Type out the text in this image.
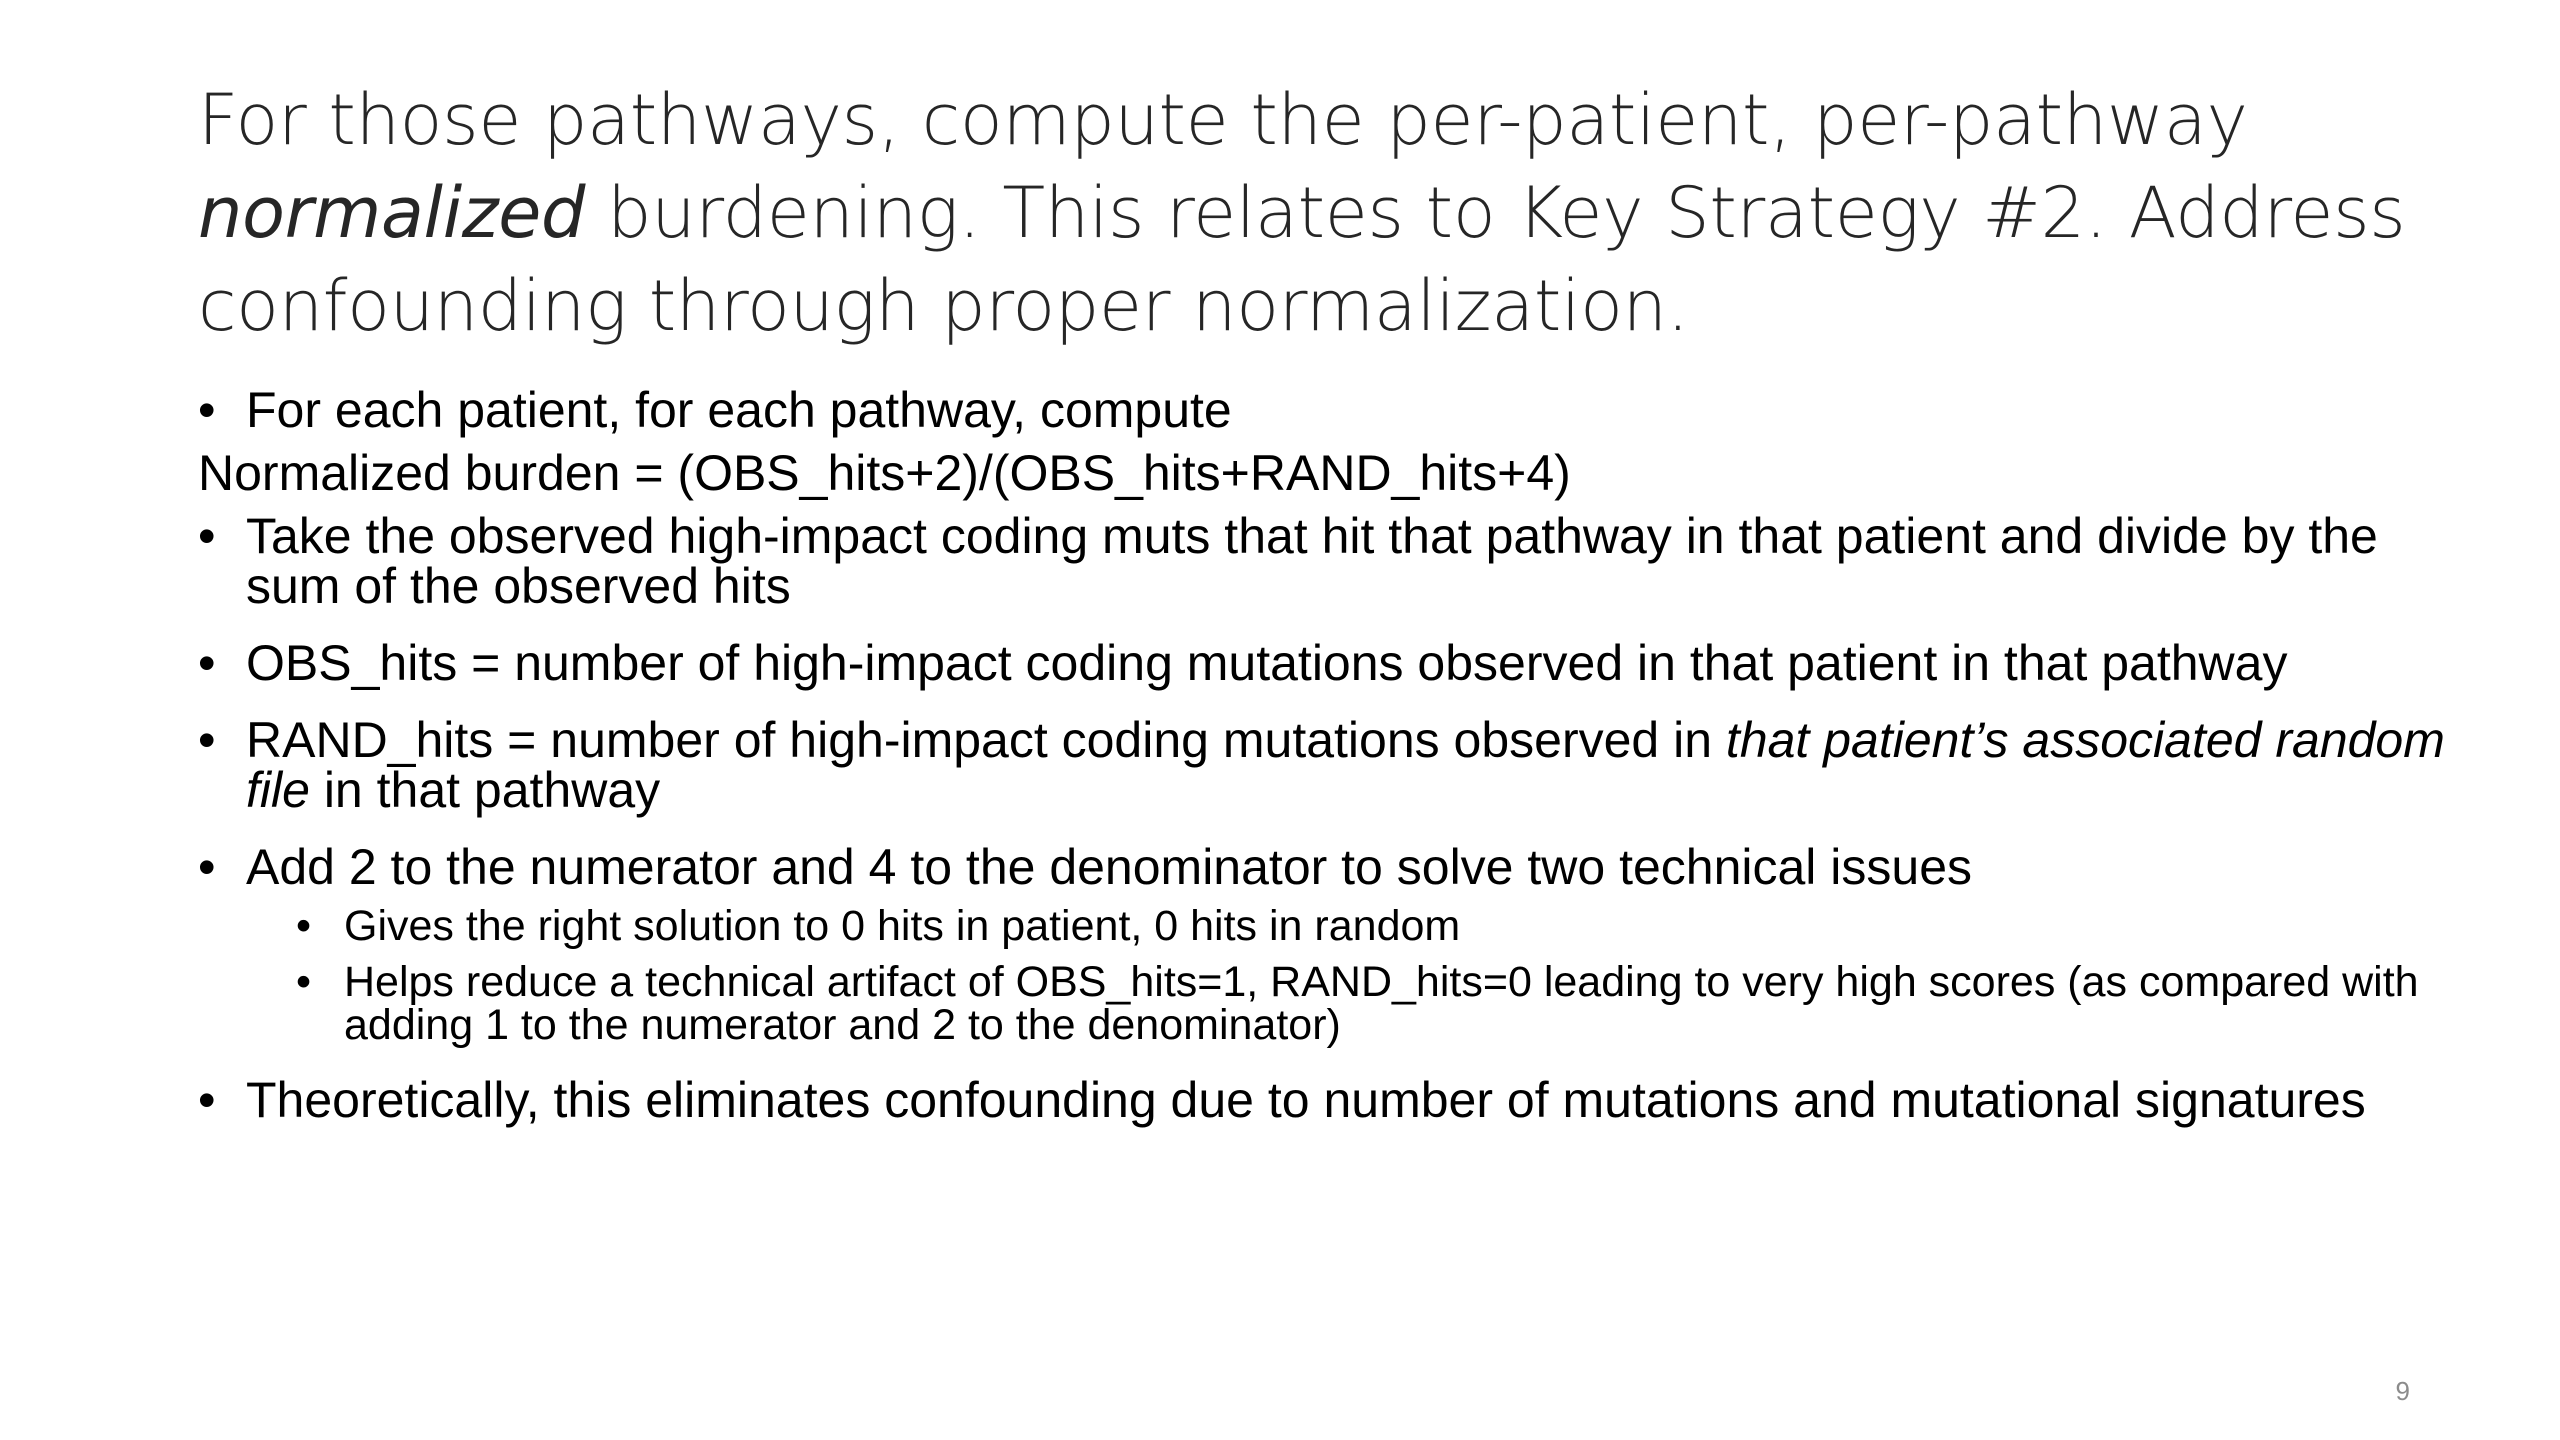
For those pathways, compute the per-patient, per-pathway normalized burdening. This relates to Key Strategy #2. Address confounding through proper normalization.
• For each patient, for each pathway, compute
Normalized burden = (OBS_hits+2)/(OBS_hits+RAND_hits+4)
• Take the observed high-impact coding muts that hit that pathway in that patient and divide by the sum of the observed hits
• OBS_hits = number of high-impact coding mutations observed in that patient in that pathway
• RAND_hits = number of high-impact coding mutations observed in that patient’s associated random file in that pathway
• Add 2 to the numerator and 4 to the denominator to solve two technical issues
• Gives the right solution to 0 hits in patient, 0 hits in random
• Helps reduce a technical artifact of OBS_hits=1, RAND_hits=0 leading to very high scores (as compared with adding 1 to the numerator and 2 to the denominator)
• Theoretically, this eliminates confounding due to number of mutations and mutational signatures
9
